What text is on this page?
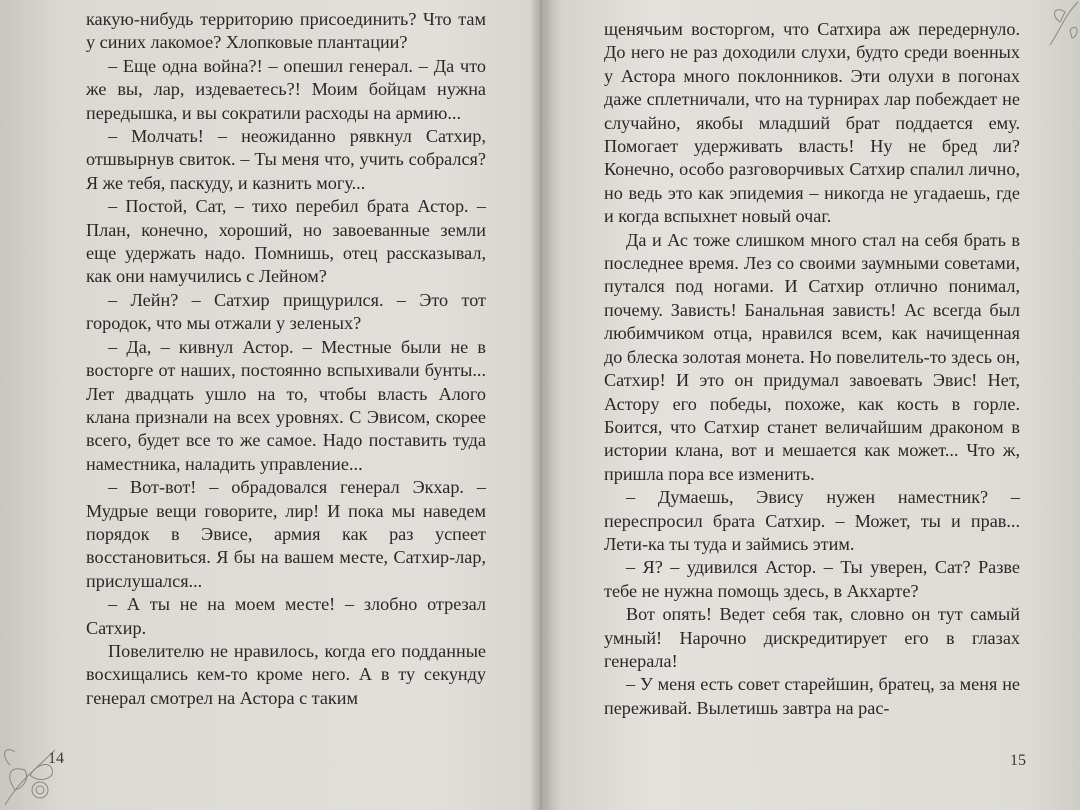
какую-нибудь территорию присоединить? Что там у синих лакомое? Хлопковые плантации?

– Еще одна война?! – опешил генерал. – Да что же вы, лар, издеваетесь?! Моим бойцам нужна передышка, и вы сократили расходы на армию...

– Молчать! – неожиданно рявкнул Сатхир, отшвырнув свиток. – Ты меня что, учить собрался? Я же тебя, паскуду, и казнить могу...

– Постой, Сат, – тихо перебил брата Астор. – План, конечно, хороший, но завоеванные земли еще удержать надо. Помнишь, отец рассказывал, как они намучились с Лейном?

– Лейн? – Сатхир прищурился. – Это тот городок, что мы отжали у зеленых?

– Да, – кивнул Астор. – Местные были не в восторге от наших, постоянно вспыхивали бунты... Лет двадцать ушло на то, чтобы власть Алого клана признали на всех уровнях. С Эвисом, скорее всего, будет все то же самое. Надо поставить туда наместника, наладить управление...

– Вот-вот! – обрадовался генерал Экхар. – Мудрые вещи говорите, лир! И пока мы наведем порядок в Эвисе, армия как раз успеет восстановиться. Я бы на вашем месте, Сатхир-лар, прислушался...

– А ты не на моем месте! – злобно отрезал Сатхир.

Повелителю не нравилось, когда его подданные восхищались кем-то кроме него. А в ту секунду генерал смотрел на Астора с таким

14

щенячьим восторгом, что Сатхира аж передернуло. До него не раз доходили слухи, будто среди военных у Астора много поклонников. Эти олухи в погонах даже сплетничали, что на турнирах лар побеждает не случайно, якобы младший брат поддается ему. Помогает удерживать власть! Ну не бред ли? Конечно, особо разговорчивых Сатхир спалил лично, но ведь это как эпидемия – никогда не угадаешь, где и когда вспыхнет новый очаг.

Да и Ас тоже слишком много стал на себя брать в последнее время. Лез со своими заумными советами, путался под ногами. И Сатхир отлично понимал, почему. Зависть! Банальная зависть! Ас всегда был любимчиком отца, нравился всем, как начищенная до блеска золотая монета. Но повелитель-то здесь он, Сатхир! И это он придумал завоевать Эвис! Нет, Астору его победы, похоже, как кость в горле. Боится, что Сатхир станет величайшим драконом в истории клана, вот и мешается как может... Что ж, пришла пора все изменить.

– Думаешь, Эвису нужен наместник? – переспросил брата Сатхир. – Может, ты и прав... Лети-ка ты туда и займись этим.

– Я? – удивился Астор. – Ты уверен, Сат? Разве тебе не нужна помощь здесь, в Акхарте?

Вот опять! Ведет себя так, словно он тут самый умный! Нарочно дискредитирует его в глазах генерала!

– У меня есть совет старейшин, братец, за меня не переживай. Вылетишь завтра на рас-

15
